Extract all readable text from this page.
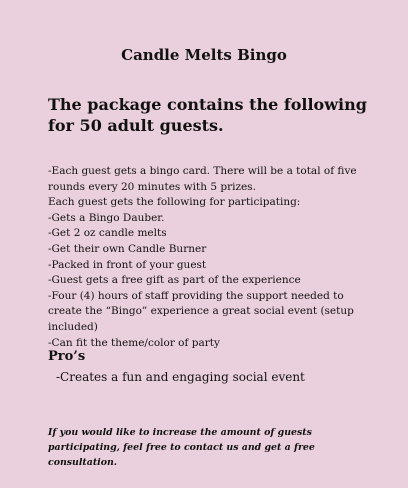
Candle Melts Bingo
The package contains the following for 50 adult guests.
-Each guest gets a bingo card. There will be a total of five rounds every 20 minutes with 5 prizes.
Each guest gets the following for participating:
-Gets a Bingo Dauber.
-Get 2 oz candle melts
-Get their own Candle Burner
-Packed in front of your guest
-Guest gets a free gift as part of the experience
-Four (4) hours of staff providing the support needed to create the “Bingo” experience a great social event (setup included)
-Can fit the theme/color of party
Pro’s

-Creates a fun and engaging social event

If you would like to increase the amount of guests participating, feel free to contact us and get a free consultation.
